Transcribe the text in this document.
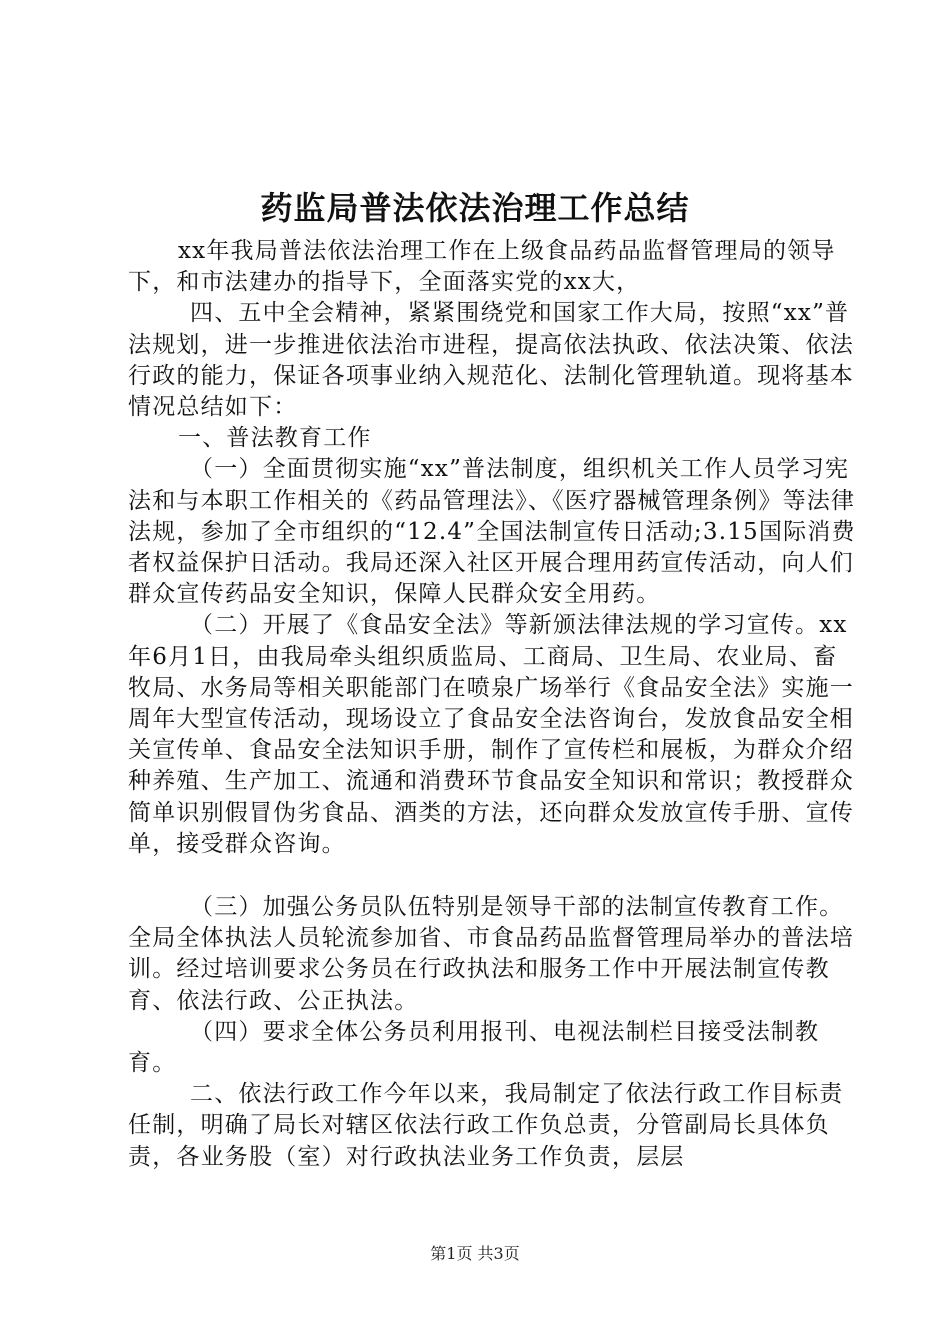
药监局普法依法治理工作总结

xx年我局普法依法治理工作在上级食品药品监督管理局的领导下，和市法建办的指导下，全面落实党的xx大，

四、五中全会精神，紧紧围绕党和国家工作大局，按照“xx”普法规划，进一步推进依法治市进程，提高依法执政、依法决策、依法行政的能力，保证各项事业纳入规范化、法制化管理轨道。现将基本情况总结如下：

一、普法教育工作

（一）全面贯彻实施“xx”普法制度，组织机关工作人员学习宪法和与本职工作相关的《药品管理法》、《医疗器械管理条例》等法律法规，参加了全市组织的“12.4”全国法制宣传日活动;3.15国际消费者权益保护日活动。我局还深入社区开展合理用药宣传活动，向人们群众宣传药品安全知识，保障人民群众安全用药。

（二）开展了《食品安全法》等新颁法律法规的学习宣传。xx年6月1日，由我局牵头组织质监局、工商局、卫生局、农业局、畜牧局、水务局等相关职能部门在喷泉广场举行《食品安全法》实施一周年大型宣传活动，现场设立了食品安全法咨询台，发放食品安全相关宣传单、食品安全法知识手册，制作了宣传栏和展板，为群众介绍种养殖、生产加工、流通和消费环节食品安全知识和常识；教授群众简单识别假冒伪劣食品、酒类的方法，还向群众发放宣传手册、宣传单，接受群众咨询。

（三）加强公务员队伍特别是领导干部的法制宣传教育工作。全局全体执法人员轮流参加省、市食品药品监督管理局举办的普法培训。经过培训要求公务员在行政执法和服务工作中开展法制宣传教育、依法行政、公正执法。

（四）要求全体公务员利用报刊、电视法制栏目接受法制教育。

二、依法行政工作今年以来，我局制定了依法行政工作目标责任制，明确了局长对辖区依法行政工作负总责，分管副局长具体负责，各业务股（室）对行政执法业务工作负责，层层

第1页 共3页
